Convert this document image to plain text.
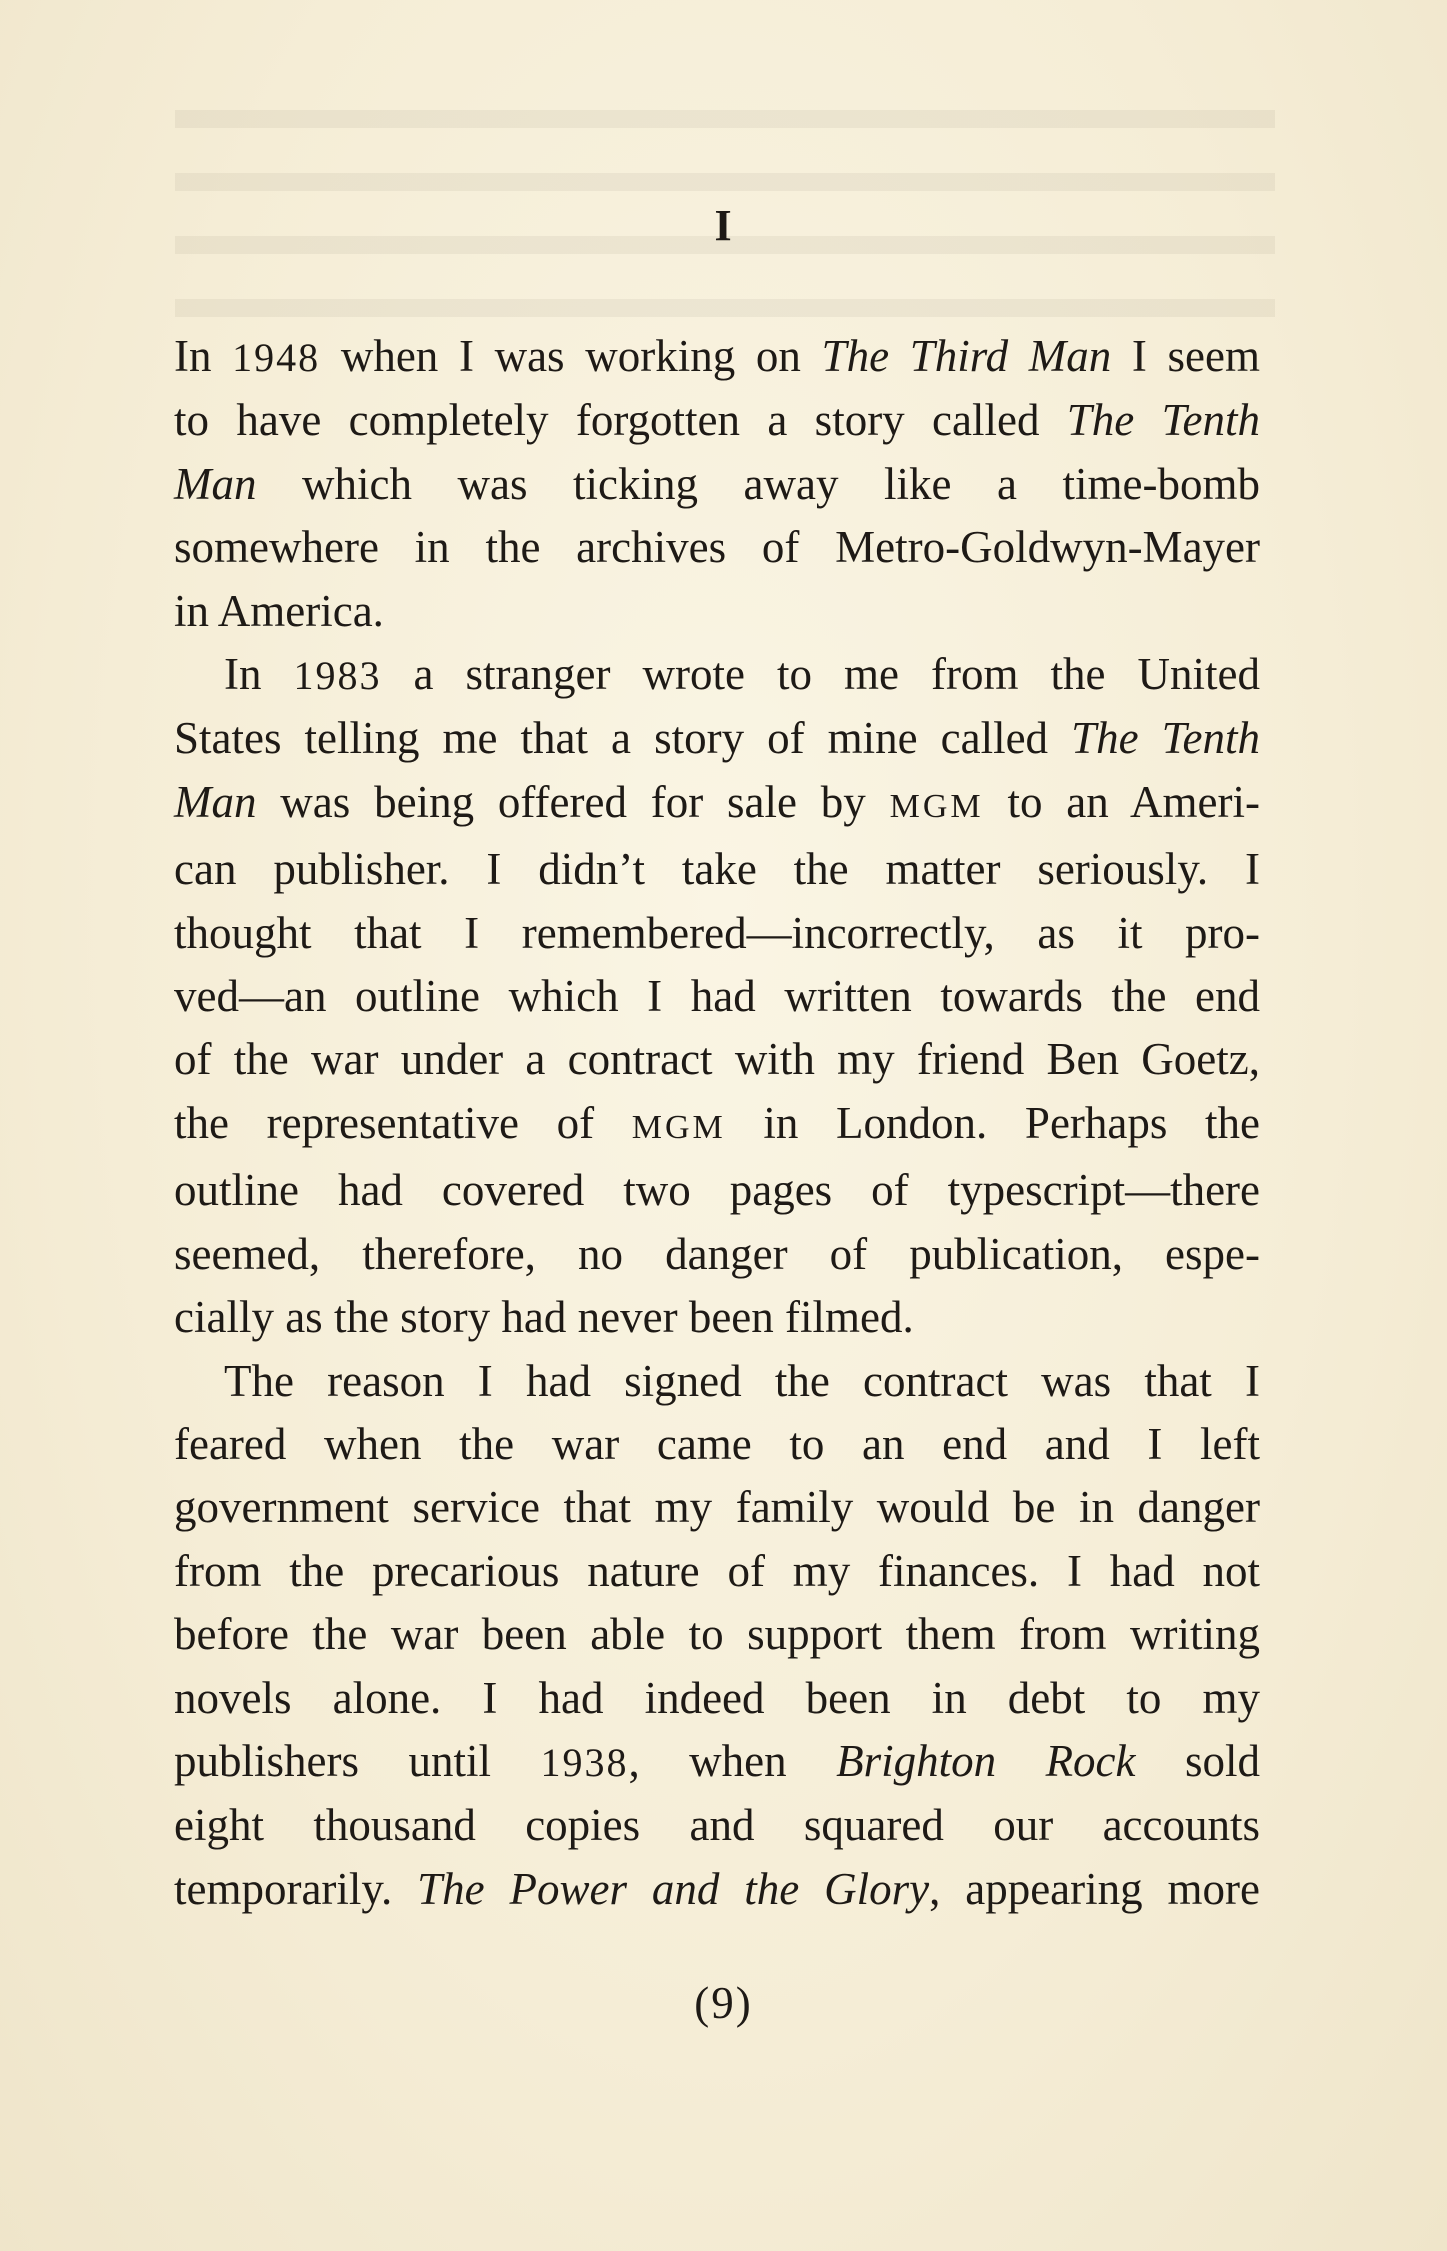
I
In 1948 when I was working on The Third Man I seem
to have completely forgotten a story called The Tenth
Man which was ticking away like a time-bomb
somewhere in the archives of Metro-Goldwyn-Mayer
in America.
In 1983 a stranger wrote to me from the United
States telling me that a story of mine called The Tenth
Man was being offered for sale by MGM to an Ameri-
can publisher. I didn’t take the matter seriously. I
thought that I remembered—incorrectly, as it pro-
ved—an outline which I had written towards the end
of the war under a contract with my friend Ben Goetz,
the representative of MGM in London. Perhaps the
outline had covered two pages of typescript—there
seemed, therefore, no danger of publication, espe-
cially as the story had never been filmed.
The reason I had signed the contract was that I
feared when the war came to an end and I left
government service that my family would be in danger
from the precarious nature of my finances. I had not
before the war been able to support them from writing
novels alone. I had indeed been in debt to my
publishers until 1938, when Brighton Rock sold
eight thousand copies and squared our accounts
temporarily. The Power and the Glory, appearing more
(9)
